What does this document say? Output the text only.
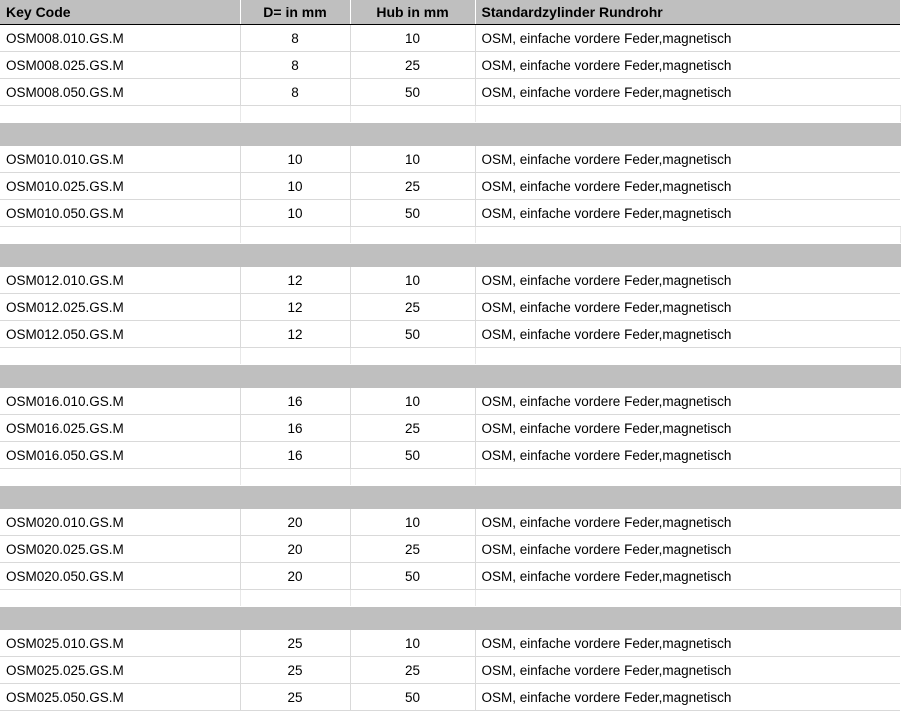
Key Code	D= in mm	Hub in mm	Standardzylinder Rundrohr
OSM008.010.GS.M	8	10	OSM, einfache vordere Feder,magnetisch
OSM008.025.GS.M	8	25	OSM, einfache vordere Feder,magnetisch
OSM008.050.GS.M	8	50	OSM, einfache vordere Feder,magnetisch

OSM010.010.GS.M	10	10	OSM, einfache vordere Feder,magnetisch
OSM010.025.GS.M	10	25	OSM, einfache vordere Feder,magnetisch
OSM010.050.GS.M	10	50	OSM, einfache vordere Feder,magnetisch

OSM012.010.GS.M	12	10	OSM, einfache vordere Feder,magnetisch
OSM012.025.GS.M	12	25	OSM, einfache vordere Feder,magnetisch
OSM012.050.GS.M	12	50	OSM, einfache vordere Feder,magnetisch

OSM016.010.GS.M	16	10	OSM, einfache vordere Feder,magnetisch
OSM016.025.GS.M	16	25	OSM, einfache vordere Feder,magnetisch
OSM016.050.GS.M	16	50	OSM, einfache vordere Feder,magnetisch

OSM020.010.GS.M	20	10	OSM, einfache vordere Feder,magnetisch
OSM020.025.GS.M	20	25	OSM, einfache vordere Feder,magnetisch
OSM020.050.GS.M	20	50	OSM, einfache vordere Feder,magnetisch

OSM025.010.GS.M	25	10	OSM, einfache vordere Feder,magnetisch
OSM025.025.GS.M	25	25	OSM, einfache vordere Feder,magnetisch
OSM025.050.GS.M	25	50	OSM, einfache vordere Feder,magnetisch
